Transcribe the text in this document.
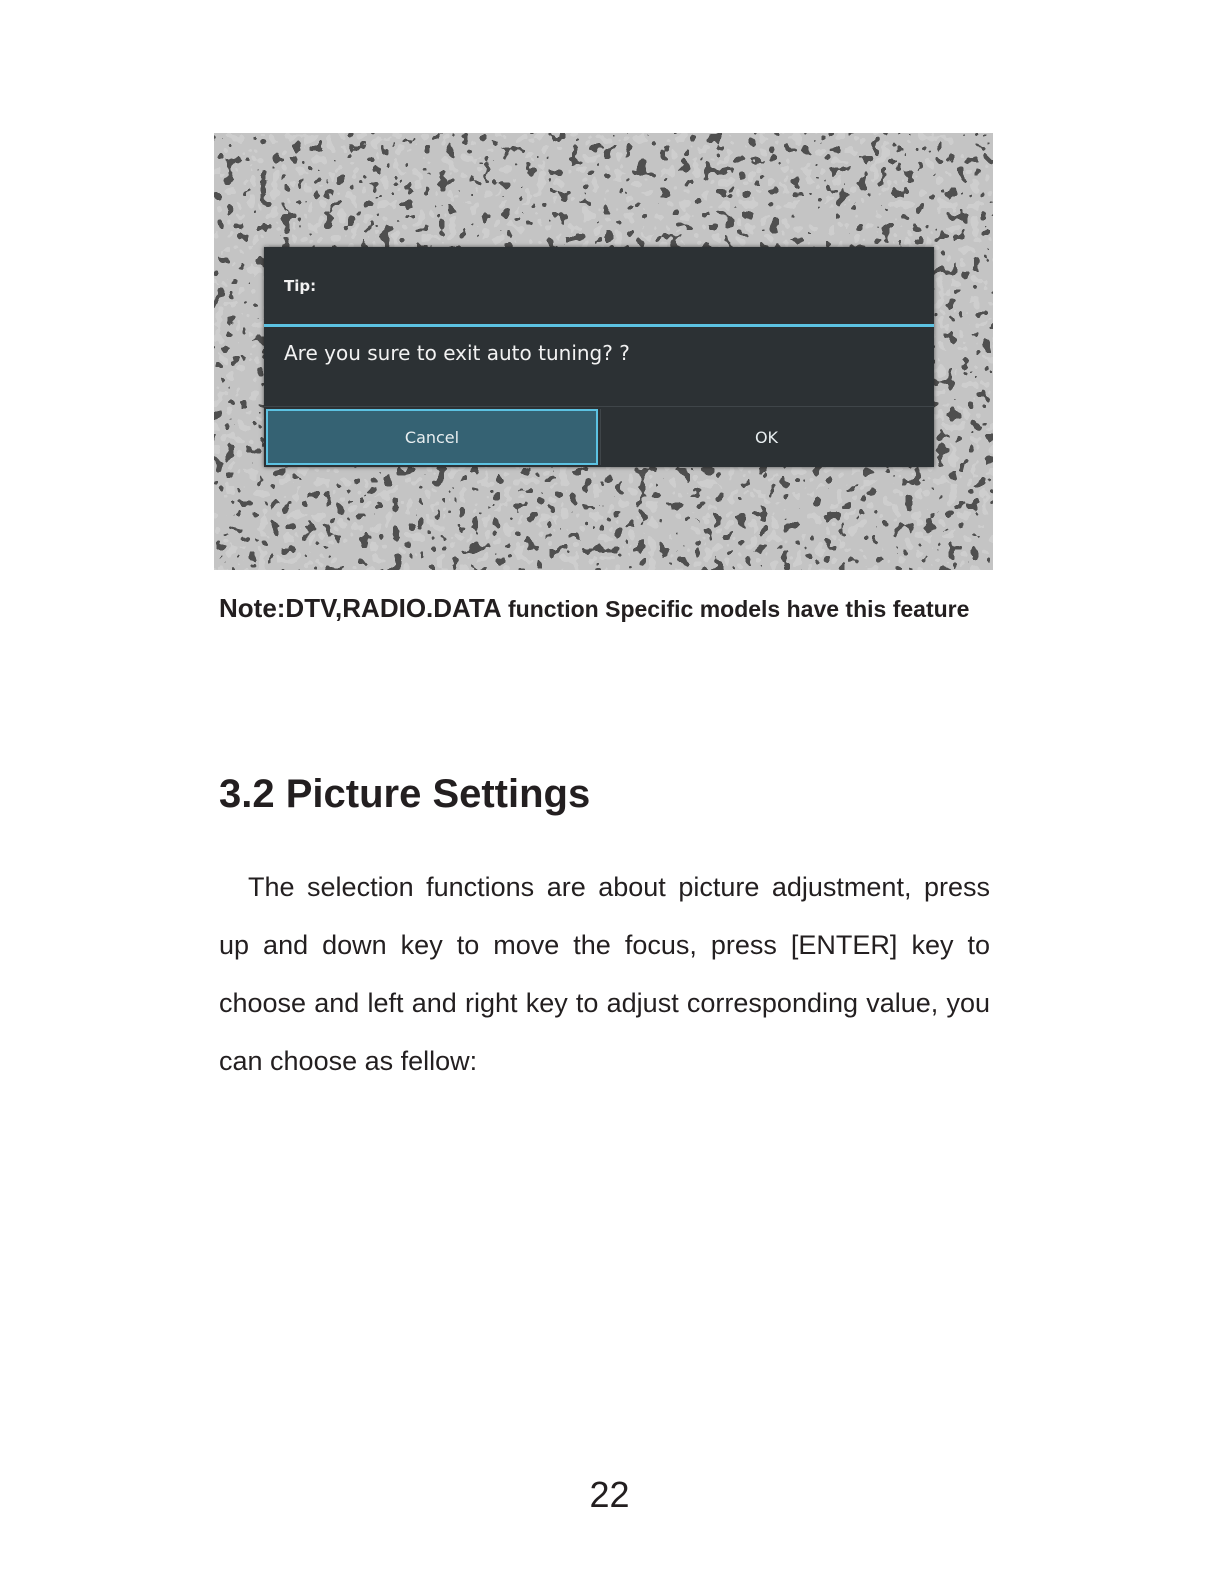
Tip:
Are you sure to exit auto tuning? ?
Cancel	OK
Note:DTV,RADIO.DATA function Specific models have this feature
3.2 Picture Settings

The selection functions are about picture adjustment, press up and down key to move the focus, press [ENTER] key to choose and left and right key to adjust corresponding value, you can choose as fellow:

22
